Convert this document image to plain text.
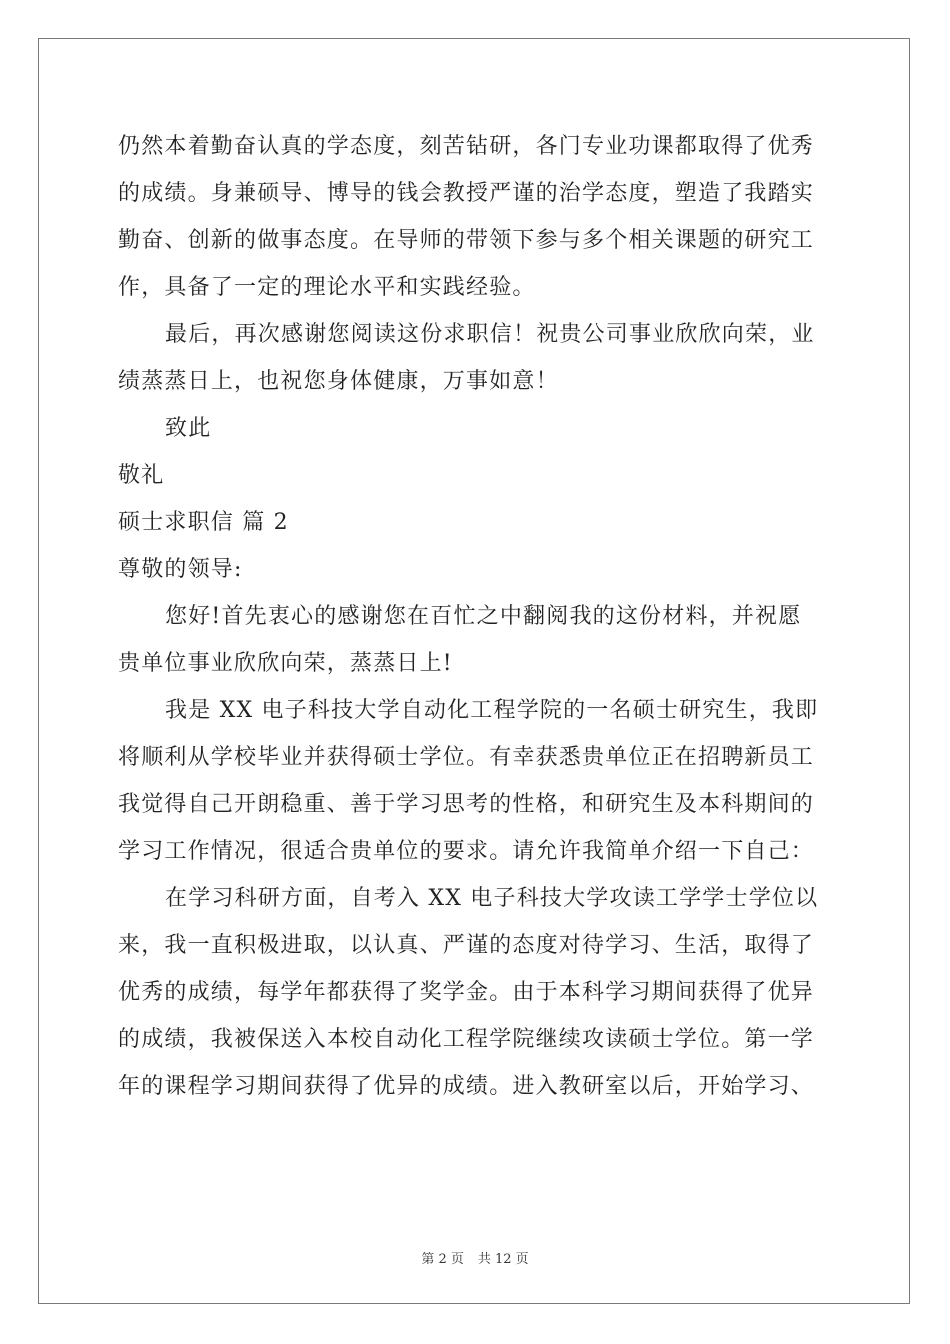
仍然本着勤奋认真的学态度，刻苦钻研，各门专业功课都取得了优秀
的成绩。身兼硕导、博导的钱会教授严谨的治学态度，塑造了我踏实
勤奋、创新的做事态度。在导师的带领下参与多个相关课题的研究工
作，具备了一定的理论水平和实践经验。
最后，再次感谢您阅读这份求职信！祝贵公司事业欣欣向荣，业
绩蒸蒸日上，也祝您身体健康，万事如意！
致此
敬礼
硕士求职信 篇 2
尊敬的领导:
您好!首先衷心的感谢您在百忙之中翻阅我的这份材料，并祝愿
贵单位事业欣欣向荣，蒸蒸日上!
我是 XX 电子科技大学自动化工程学院的一名硕士研究生，我即
将顺利从学校毕业并获得硕士学位。有幸获悉贵单位正在招聘新员工
我觉得自己开朗稳重、善于学习思考的性格，和研究生及本科期间的
学习工作情况，很适合贵单位的要求。请允许我简单介绍一下自己：
在学习科研方面，自考入 XX 电子科技大学攻读工学学士学位以
来，我一直积极进取，以认真、严谨的态度对待学习、生活，取得了
优秀的成绩，每学年都获得了奖学金。由于本科学习期间获得了优异
的成绩，我被保送入本校自动化工程学院继续攻读硕士学位。第一学
年的课程学习期间获得了优异的成绩。进入教研室以后，开始学习、
第 2 页 共 12 页
